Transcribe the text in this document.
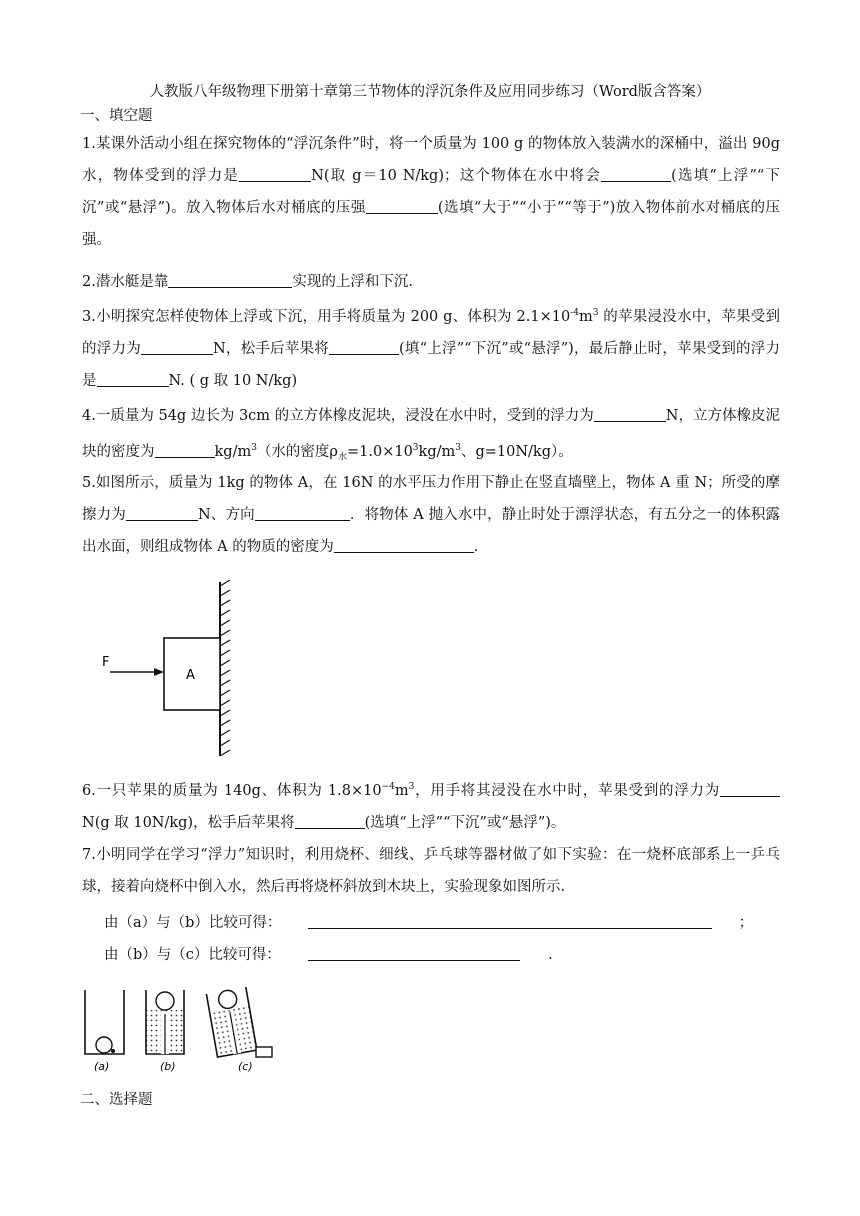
人教版八年级物理下册第十章第三节物体的浮沉条件及应用同步练习（Word版含答案）
一、填空题
1.某课外活动小组在探究物体的“浮沉条件”时，将一个质量为 100 g 的物体放入装满水的深桶中，溢出 90g 水，物体受到的浮力是	N(取 g＝10 N/kg)；这个物体在水中将会	(选填“上浮”“下沉”或“悬浮”)。放入物体后水对桶底的压强	(选填“大于”“小于”“等于”)放入物体前水对桶底的压强。
2.潜水艇是靠	实现的上浮和下沉.
3.小明探究怎样使物体上浮或下沉，用手将质量为 200 g、体积为 $2.1\times 10^{-4}m^3$ 的苹果浸没水中，苹果受到的浮力为	N，松手后苹果将	(填“上浮”“下沉”或“悬浮”)，最后静止时，苹果受到的浮力是	N. ( g 取 10 N/kg)
4.一质量为 54g 边长为 3cm 的立方体橡皮泥块，浸没在水中时，受到的浮力为	N，立方体橡皮泥块的密度为	$kg/m^3$（水的密度$\rho_水=1.0\times 10^3kg/m^3$、g=10N/kg）。
5.如图所示，质量为 1kg 的物体 A，在 16N 的水平压力作用下静止在竖直墙壁上，物体 A 重 N；所受的摩擦力为	N、方向	．将物体 A 抛入水中，静止时处于漂浮状态，有五分之一的体积露出水面，则组成物体 A 的物质的密度为	.
A
F
6.一只苹果的质量为 140g、体积为 $1.8\times 10^{-4}m^3$，用手将其浸没在水中时，苹果受到的浮力为N(g 取 10N/kg)，松手后苹果将	(选填“上浮”“下沉”或“悬浮”)。
7.小明同学在学习“浮力”知识时，利用烧杯、细线、乒乓球等器材做了如下实验：在一烧杯底部系上一乒乓球，接着向烧杯中倒入水，然后再将烧杯斜放到木块上，实验现象如图所示.
由（a）与（b）比较可得：	；
由（b）与（c）比较可得：	.
(a)	(b)	(c)
二、选择题
